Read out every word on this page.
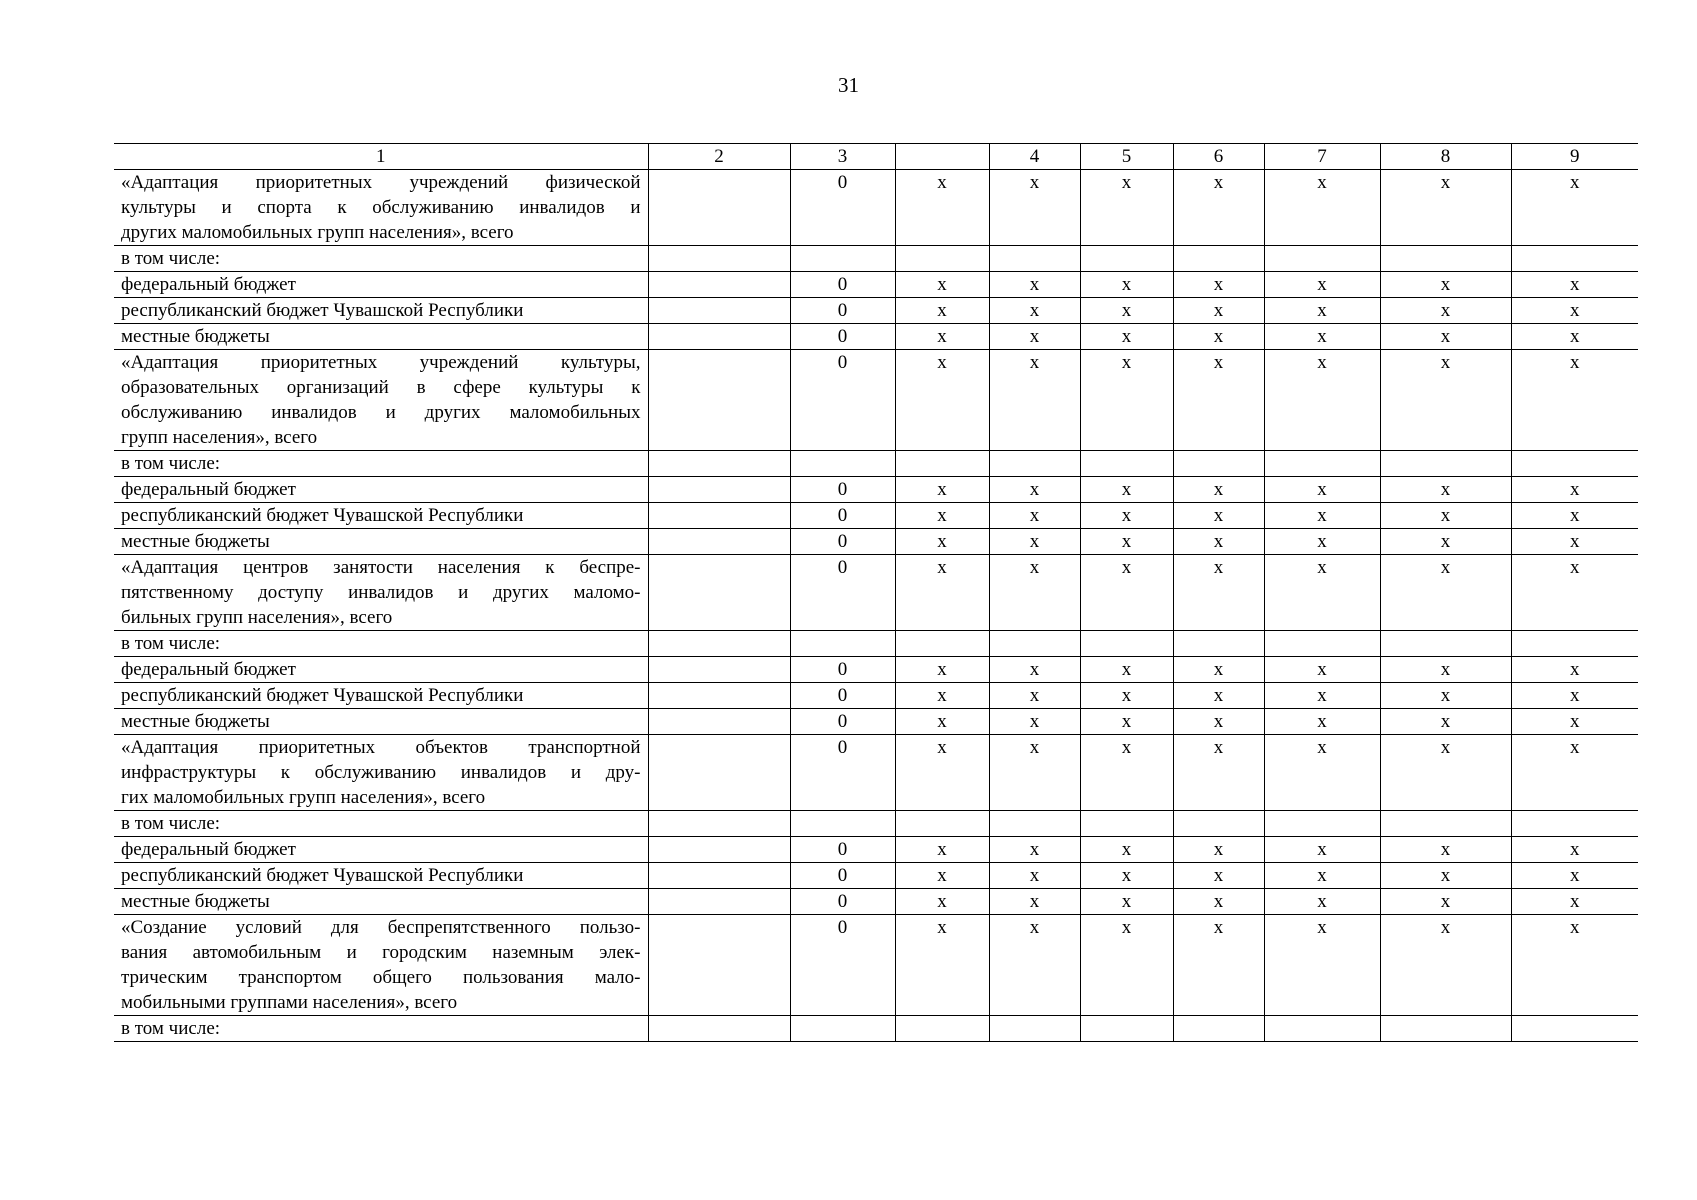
31
1	2	3		4	5	6	7	8	9

«Адаптация приоритетных учреждений физической
культуры и спорта к обслуживанию инвалидов и
других маломобильных групп населения», всего		0	х	х	х	х	х	х	х

в том числе:									

федеральный бюджет		0	х	х	х	х	х	х	х

республиканский бюджет Чувашской Республики		0	х	х	х	х	х	х	х

местные бюджеты		0	х	х	х	х	х	х	х

«Адаптация приоритетных учреждений культуры,
образовательных организаций в сфере культуры к
обслуживанию инвалидов и других маломобильных
групп населения», всего		0	х	х	х	х	х	х	х

в том числе:									

федеральный бюджет		0	х	х	х	х	х	х	х

республиканский бюджет Чувашской Республики		0	х	х	х	х	х	х	х

местные бюджеты		0	х	х	х	х	х	х	х

«Адаптация центров занятости населения к беспре-
пятственному доступу инвалидов и других маломо-
бильных групп населения», всего		0	х	х	х	х	х	х	х

в том числе:									

федеральный бюджет		0	х	х	х	х	х	х	х

республиканский бюджет Чувашской Республики		0	х	х	х	х	х	х	х

местные бюджеты		0	х	х	х	х	х	х	х

«Адаптация приоритетных объектов транспортной
инфраструктуры к обслуживанию инвалидов и дру-
гих маломобильных групп населения», всего		0	х	х	х	х	х	х	х

в том числе:									

федеральный бюджет		0	х	х	х	х	х	х	х

республиканский бюджет Чувашской Республики		0	х	х	х	х	х	х	х

местные бюджеты		0	х	х	х	х	х	х	х

«Создание условий для беспрепятственного пользо-
вания автомобильным и городским наземным элек-
трическим транспортом общего пользования мало-
мобильными группами населения», всего		0	х	х	х	х	х	х	х

в том числе:									
